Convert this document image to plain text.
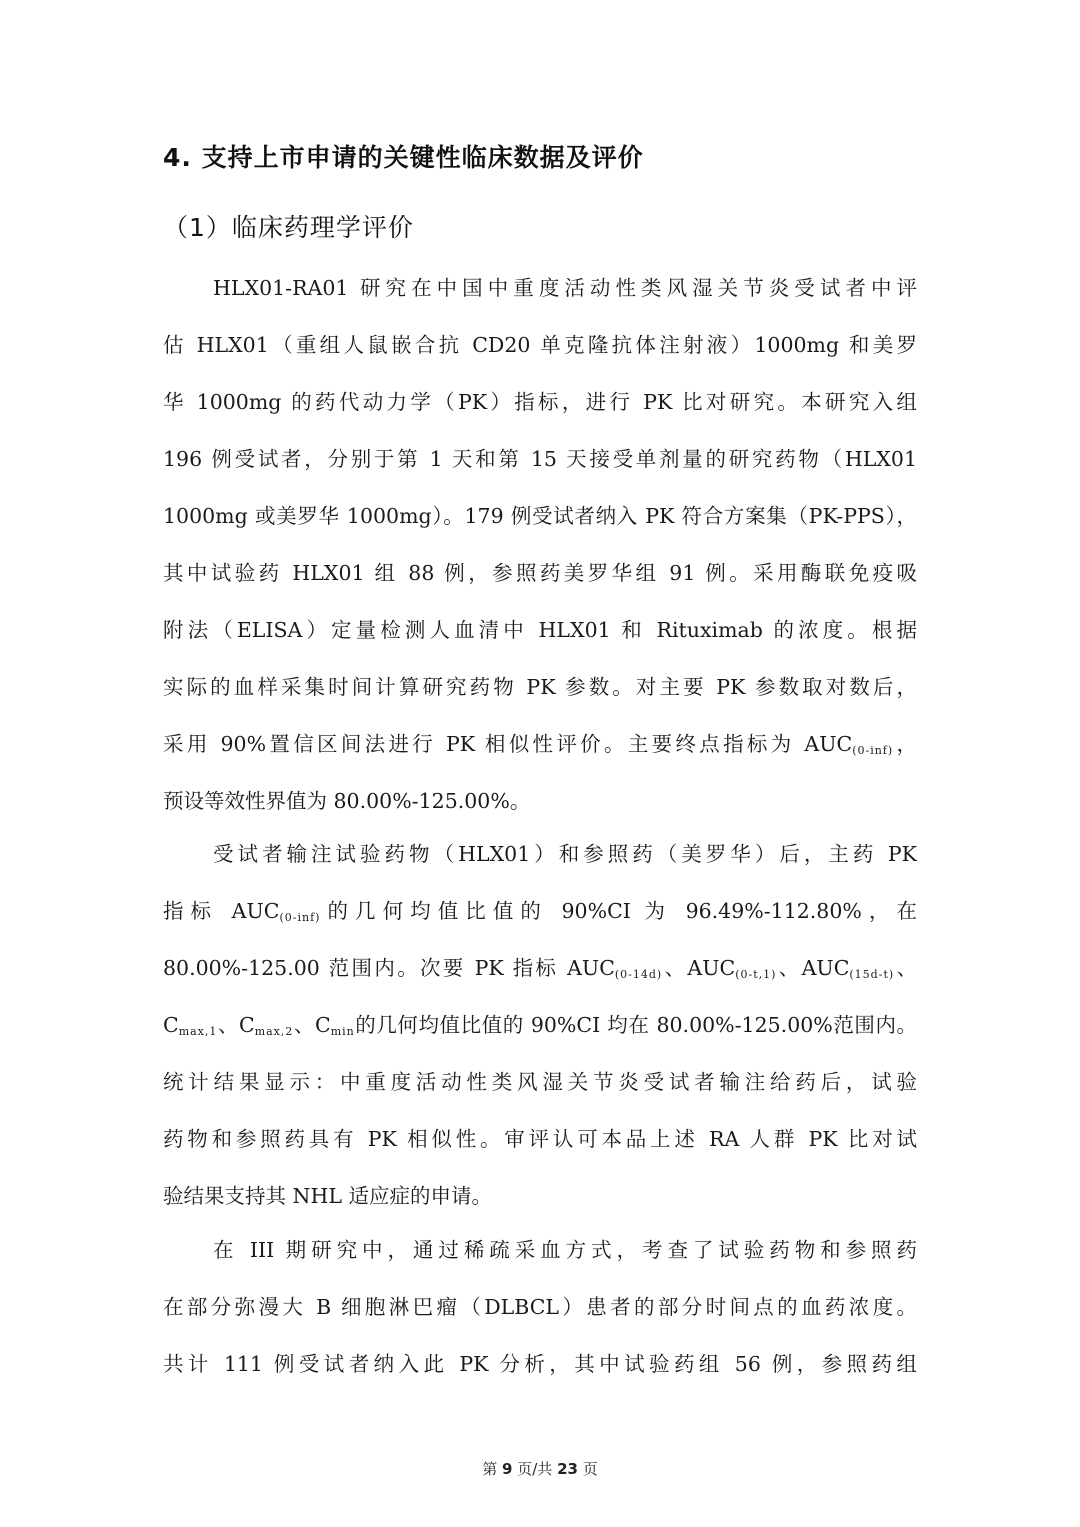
4. 支持上市申请的关键性临床数据及评价
（1）临床药理学评价
HLX01-RA01 研究在中国中重度活动性类风湿关节炎受试者中评
估 HLX01（重组人鼠嵌合抗 CD20 单克隆抗体注射液）1000mg 和美罗
华 1000mg 的药代动力学（PK）指标，进行 PK 比对研究。本研究入组
196 例受试者，分别于第 1 天和第 15 天接受单剂量的研究药物（HLX01
1000mg 或美罗华 1000mg）。179 例受试者纳入 PK 符合方案集（PK-PPS），
其中试验药 HLX01 组 88 例，参照药美罗华组 91 例。采用酶联免疫吸
附法（ELISA）定量检测人血清中 HLX01 和 Rituximab 的浓度。根据
实际的血样采集时间计算研究药物 PK 参数。对主要 PK 参数取对数后，
采用 90%置信区间法进行 PK 相似性评价。主要终点指标为 $AUC_{(0-inf)}$，
预设等效性界值为 80.00%-125.00%。
受试者输注试验药物（HLX01）和参照药（美罗华）后，主药 PK
指标 $AUC_{(0-inf)}$的几何均值比值的 90%CI 为 96.49%-112.80%，在
80.00%-125.00 范围内。次要 PK 指标 $AUC_{(0-14d)}$、$AUC_{(0-t,1)}$、$AUC_{(15d-t)}$、
$C_{max,1}$、$C_{max,2}$、$C_{min}$的几何均值比值的 90%CI 均在 80.00%-125.00%范围内。
统计结果显示：中重度活动性类风湿关节炎受试者输注给药后，试验
药物和参照药具有 PK 相似性。审评认可本品上述 RA 人群 PK 比对试
验结果支持其 NHL 适应症的申请。
在 III 期研究中，通过稀疏采血方式，考查了试验药物和参照药
在部分弥漫大 B 细胞淋巴瘤（DLBCL）患者的部分时间点的血药浓度。
共计 111 例受试者纳入此 PK 分析，其中试验药组 56 例，参照药组
第 9 页/共 23 页
